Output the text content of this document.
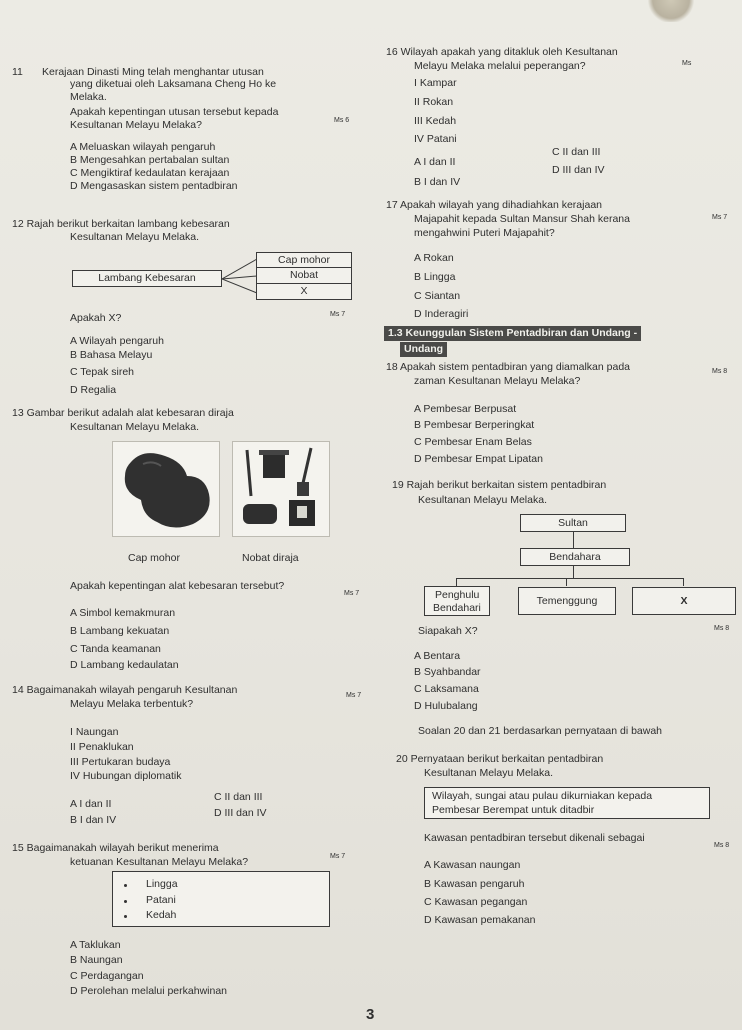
11 Kerajaan Dinasti Ming telah menghantar utusan
yang diketuai oleh Laksamana Cheng Ho ke
Melaka.
Apakah kepentingan utusan tersebut kepada
Kesultanan Melayu Melaka?	Ms 6
A Meluaskan wilayah pengaruh
B Mengesahkan pertabalan sultan
C Mengiktiraf kedaulatan kerajaan
D Mengasaskan sistem pentadbiran
12 Rajah berikut berkaitan lambang kebesaran
Kesultanan Melayu Melaka.
Lambang Kebesaran
Cap mohor
Nobat
X
Apakah X?	Ms 7
A Wilayah pengaruh
B Bahasa Melayu
C Tepak sireh
D Regalia
13 Gambar berikut adalah alat kebesaran diraja
Kesultanan Melayu Melaka.
Cap mohor	Nobat diraja
Apakah kepentingan alat kebesaran tersebut?
Ms 7
A Simbol kemakmuran
B Lambang kekuatan
C Tanda keamanan
D Lambang kedaulatan
14 Bagaimanakah wilayah pengaruh Kesultanan
Melayu Melaka terbentuk?
Ms 7
I Naungan
II Penaklukan
III Pertukaran budaya
IV Hubungan diplomatik
A I dan II
B I dan IV
C II dan III
D III dan IV
15 Bagaimanakah wilayah berikut menerima
ketuanan Kesultanan Melayu Melaka?	Ms 7
Lingga
Patani
Kedah
A Taklukan
B Naungan
C Perdagangan
D Perolehan melalui perkahwinan
16 Wilayah apakah yang ditakluk oleh Kesultanan
Melayu Melaka melalui peperangan?	Ms
I Kampar
II Rokan
III Kedah
IV Patani
A I dan II
B I dan IV
C II dan III
D III dan IV
17 Apakah wilayah yang dihadiahkan kerajaan
Majapahit kepada Sultan Mansur Shah kerana
mengahwini Puteri Majapahit?
Ms 7
A Rokan
B Lingga
C Siantan
D Inderagiri
1.3 Keunggulan Sistem Pentadbiran dan Undang -
Undang
18 Apakah sistem pentadbiran yang diamalkan pada
zaman Kesultanan Melayu Melaka?
Ms 8
A Pembesar Berpusat
B Pembesar Berperingkat
C Pembesar Enam Belas
D Pembesar Empat Lipatan
19 Rajah berikut berkaitan sistem pentadbiran
Kesultanan Melayu Melaka.
Sultan
Bendahara
Penghulu
Bendahari
Temenggung	X
Siapakah X?	Ms 8
A Bentara
B Syahbandar
C Laksamana
D Hulubalang
Soalan 20 dan 21 berdasarkan pernyataan di bawah
20 Pernyataan berikut berkaitan pentadbiran
Kesultanan Melayu Melaka.
Wilayah, sungai atau pulau dikurniakan kepada
Pembesar Berempat untuk ditadbir
Kawasan pentadbiran tersebut dikenali sebagai
Ms 8
A Kawasan naungan
B Kawasan pengaruh
C Kawasan pegangan
D Kawasan pemakanan
3
